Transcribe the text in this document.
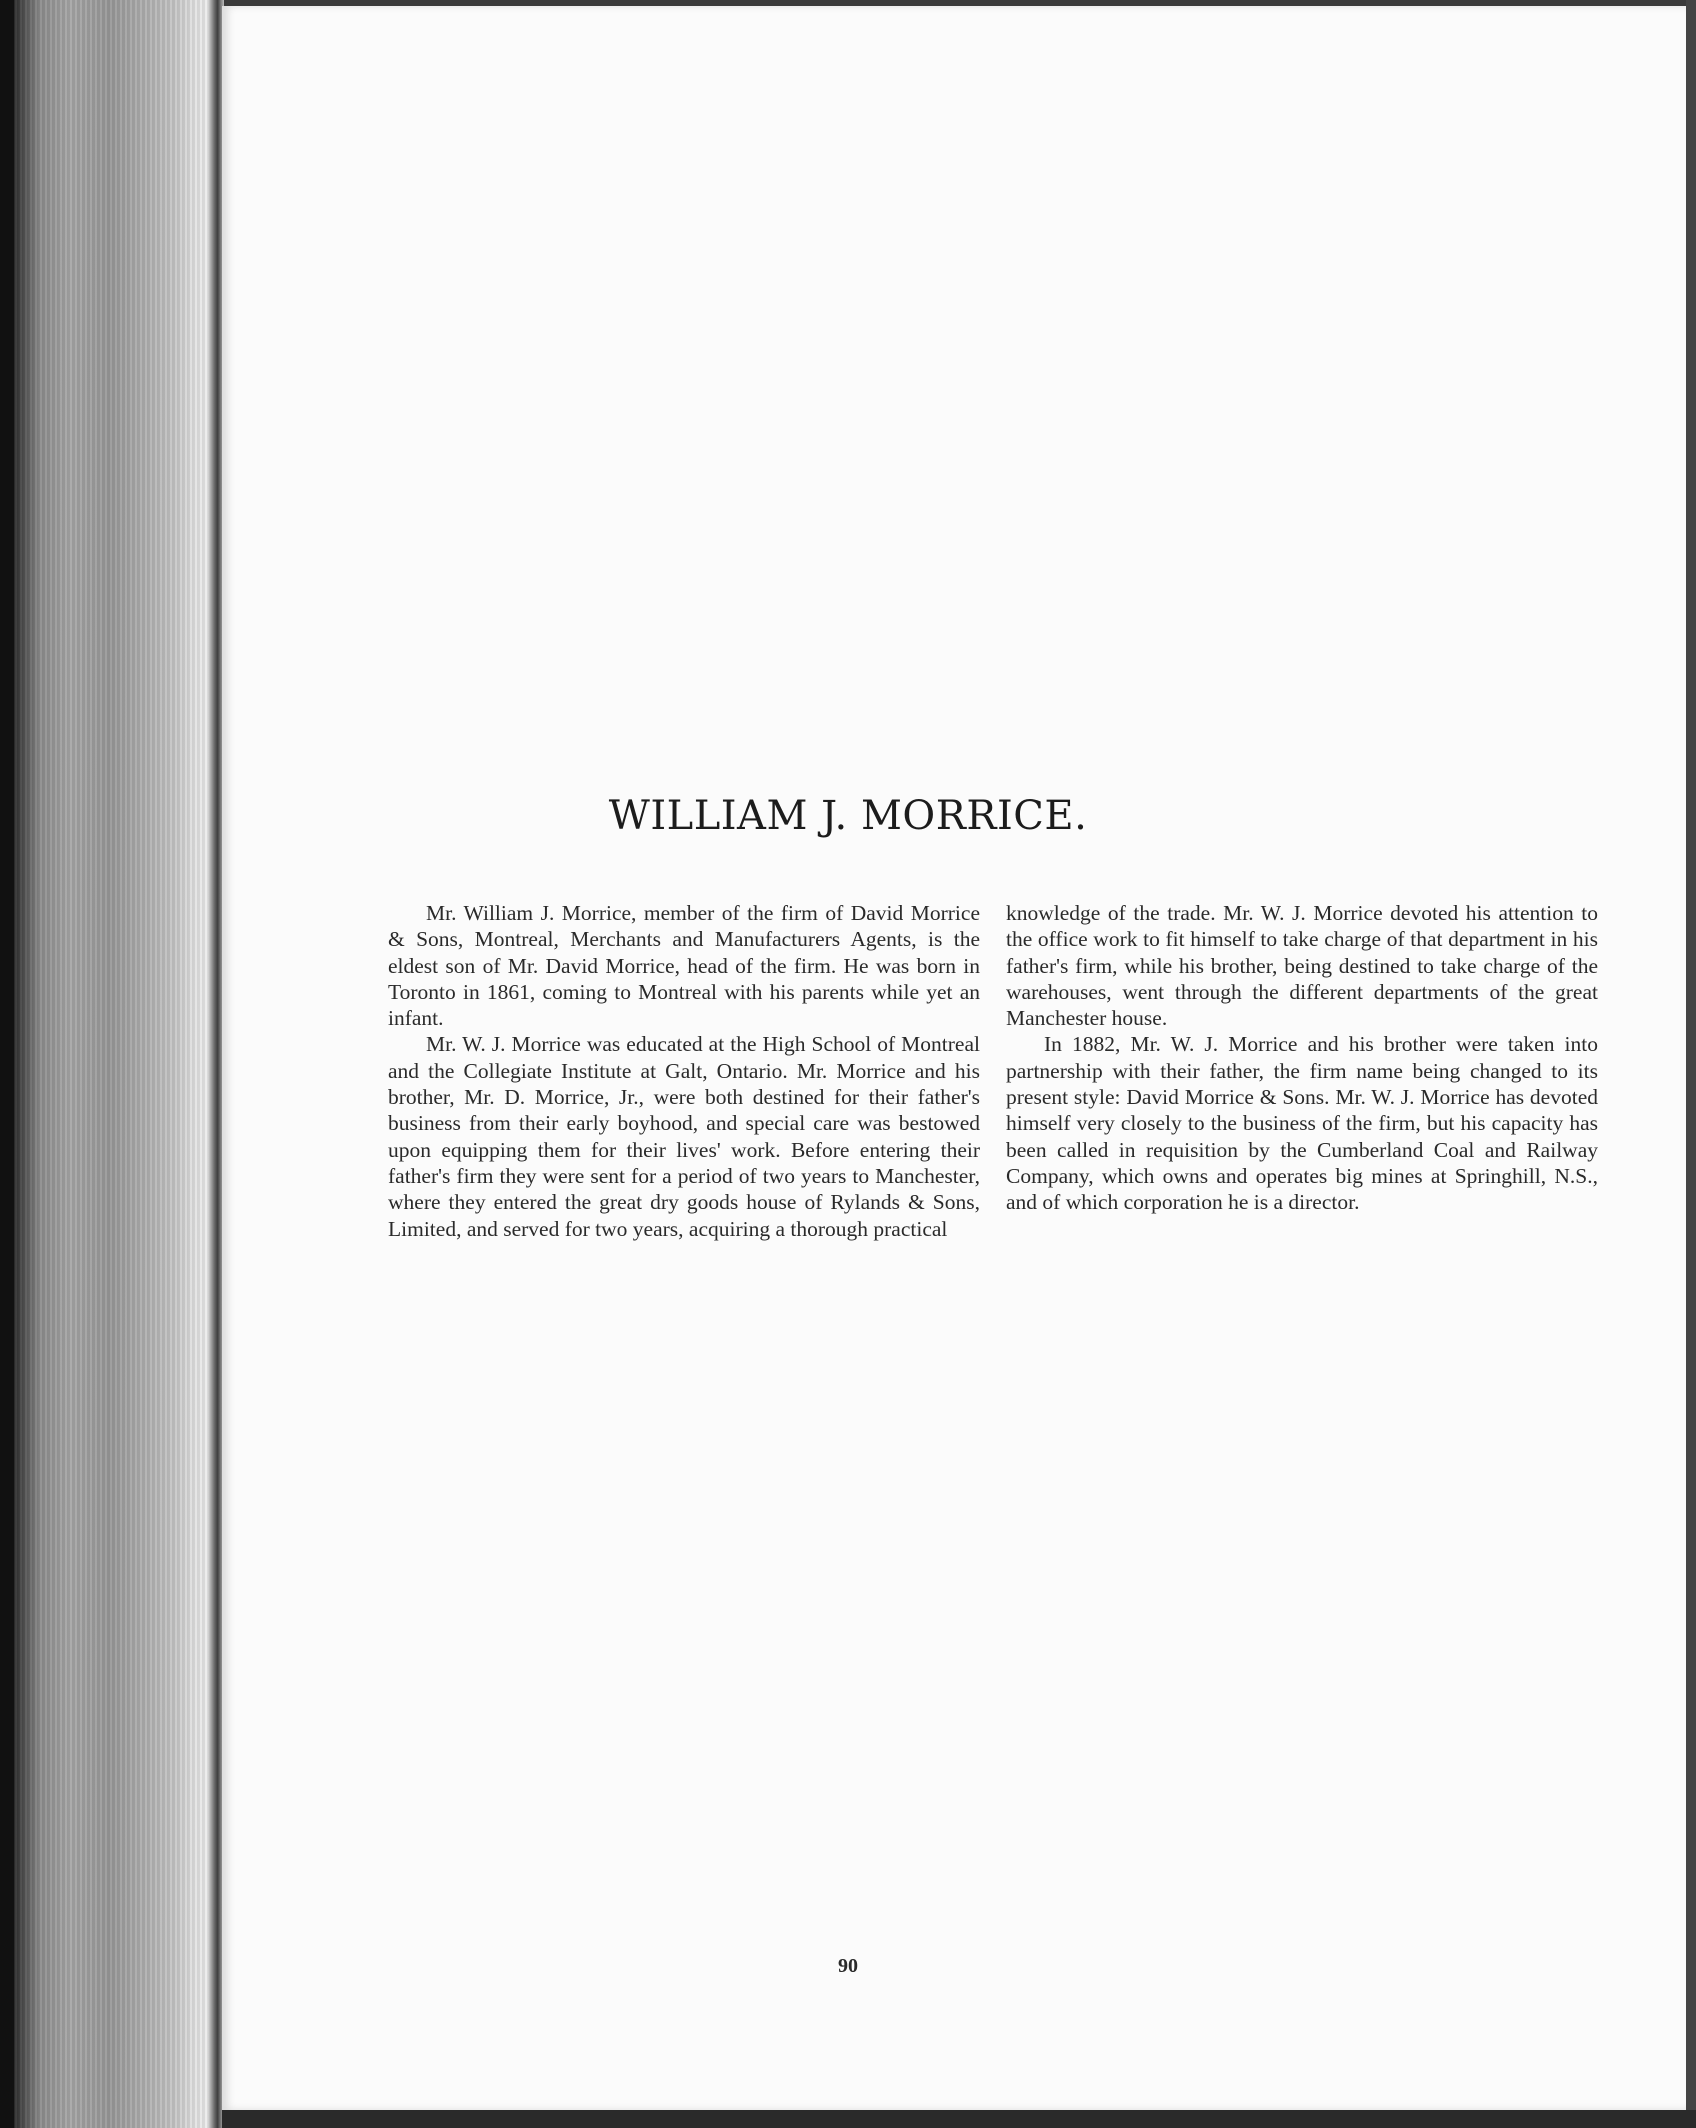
WILLIAM J. MORRICE.

Mr. William J. Morrice, member of the firm of David Morrice & Sons, Montreal, Merchants and Manufacturers Agents, is the eldest son of Mr. David Morrice, head of the firm. He was born in Toronto in 1861, coming to Montreal with his parents while yet an infant.

Mr. W. J. Morrice was educated at the High School of Montreal and the Collegiate Institute at Galt, Ontario. Mr. Morrice and his brother, Mr. D. Morrice, Jr., were both destined for their father's business from their early boyhood, and special care was bestowed upon equipping them for their lives' work. Before entering their father's firm they were sent for a period of two years to Manchester, where they entered the great dry goods house of Rylands & Sons, Limited, and served for two years, acquiring a thorough practical

knowledge of the trade. Mr. W. J. Morrice devoted his attention to the office work to fit himself to take charge of that department in his father's firm, while his brother, being destined to take charge of the warehouses, went through the different departments of the great Manchester house.

In 1882, Mr. W. J. Morrice and his brother were taken into partnership with their father, the firm name being changed to its present style: David Morrice & Sons. Mr. W. J. Morrice has devoted himself very closely to the business of the firm, but his capacity has been called in requisition by the Cumberland Coal and Railway Company, which owns and operates big mines at Springhill, N.S., and of which corporation he is a director.

90
